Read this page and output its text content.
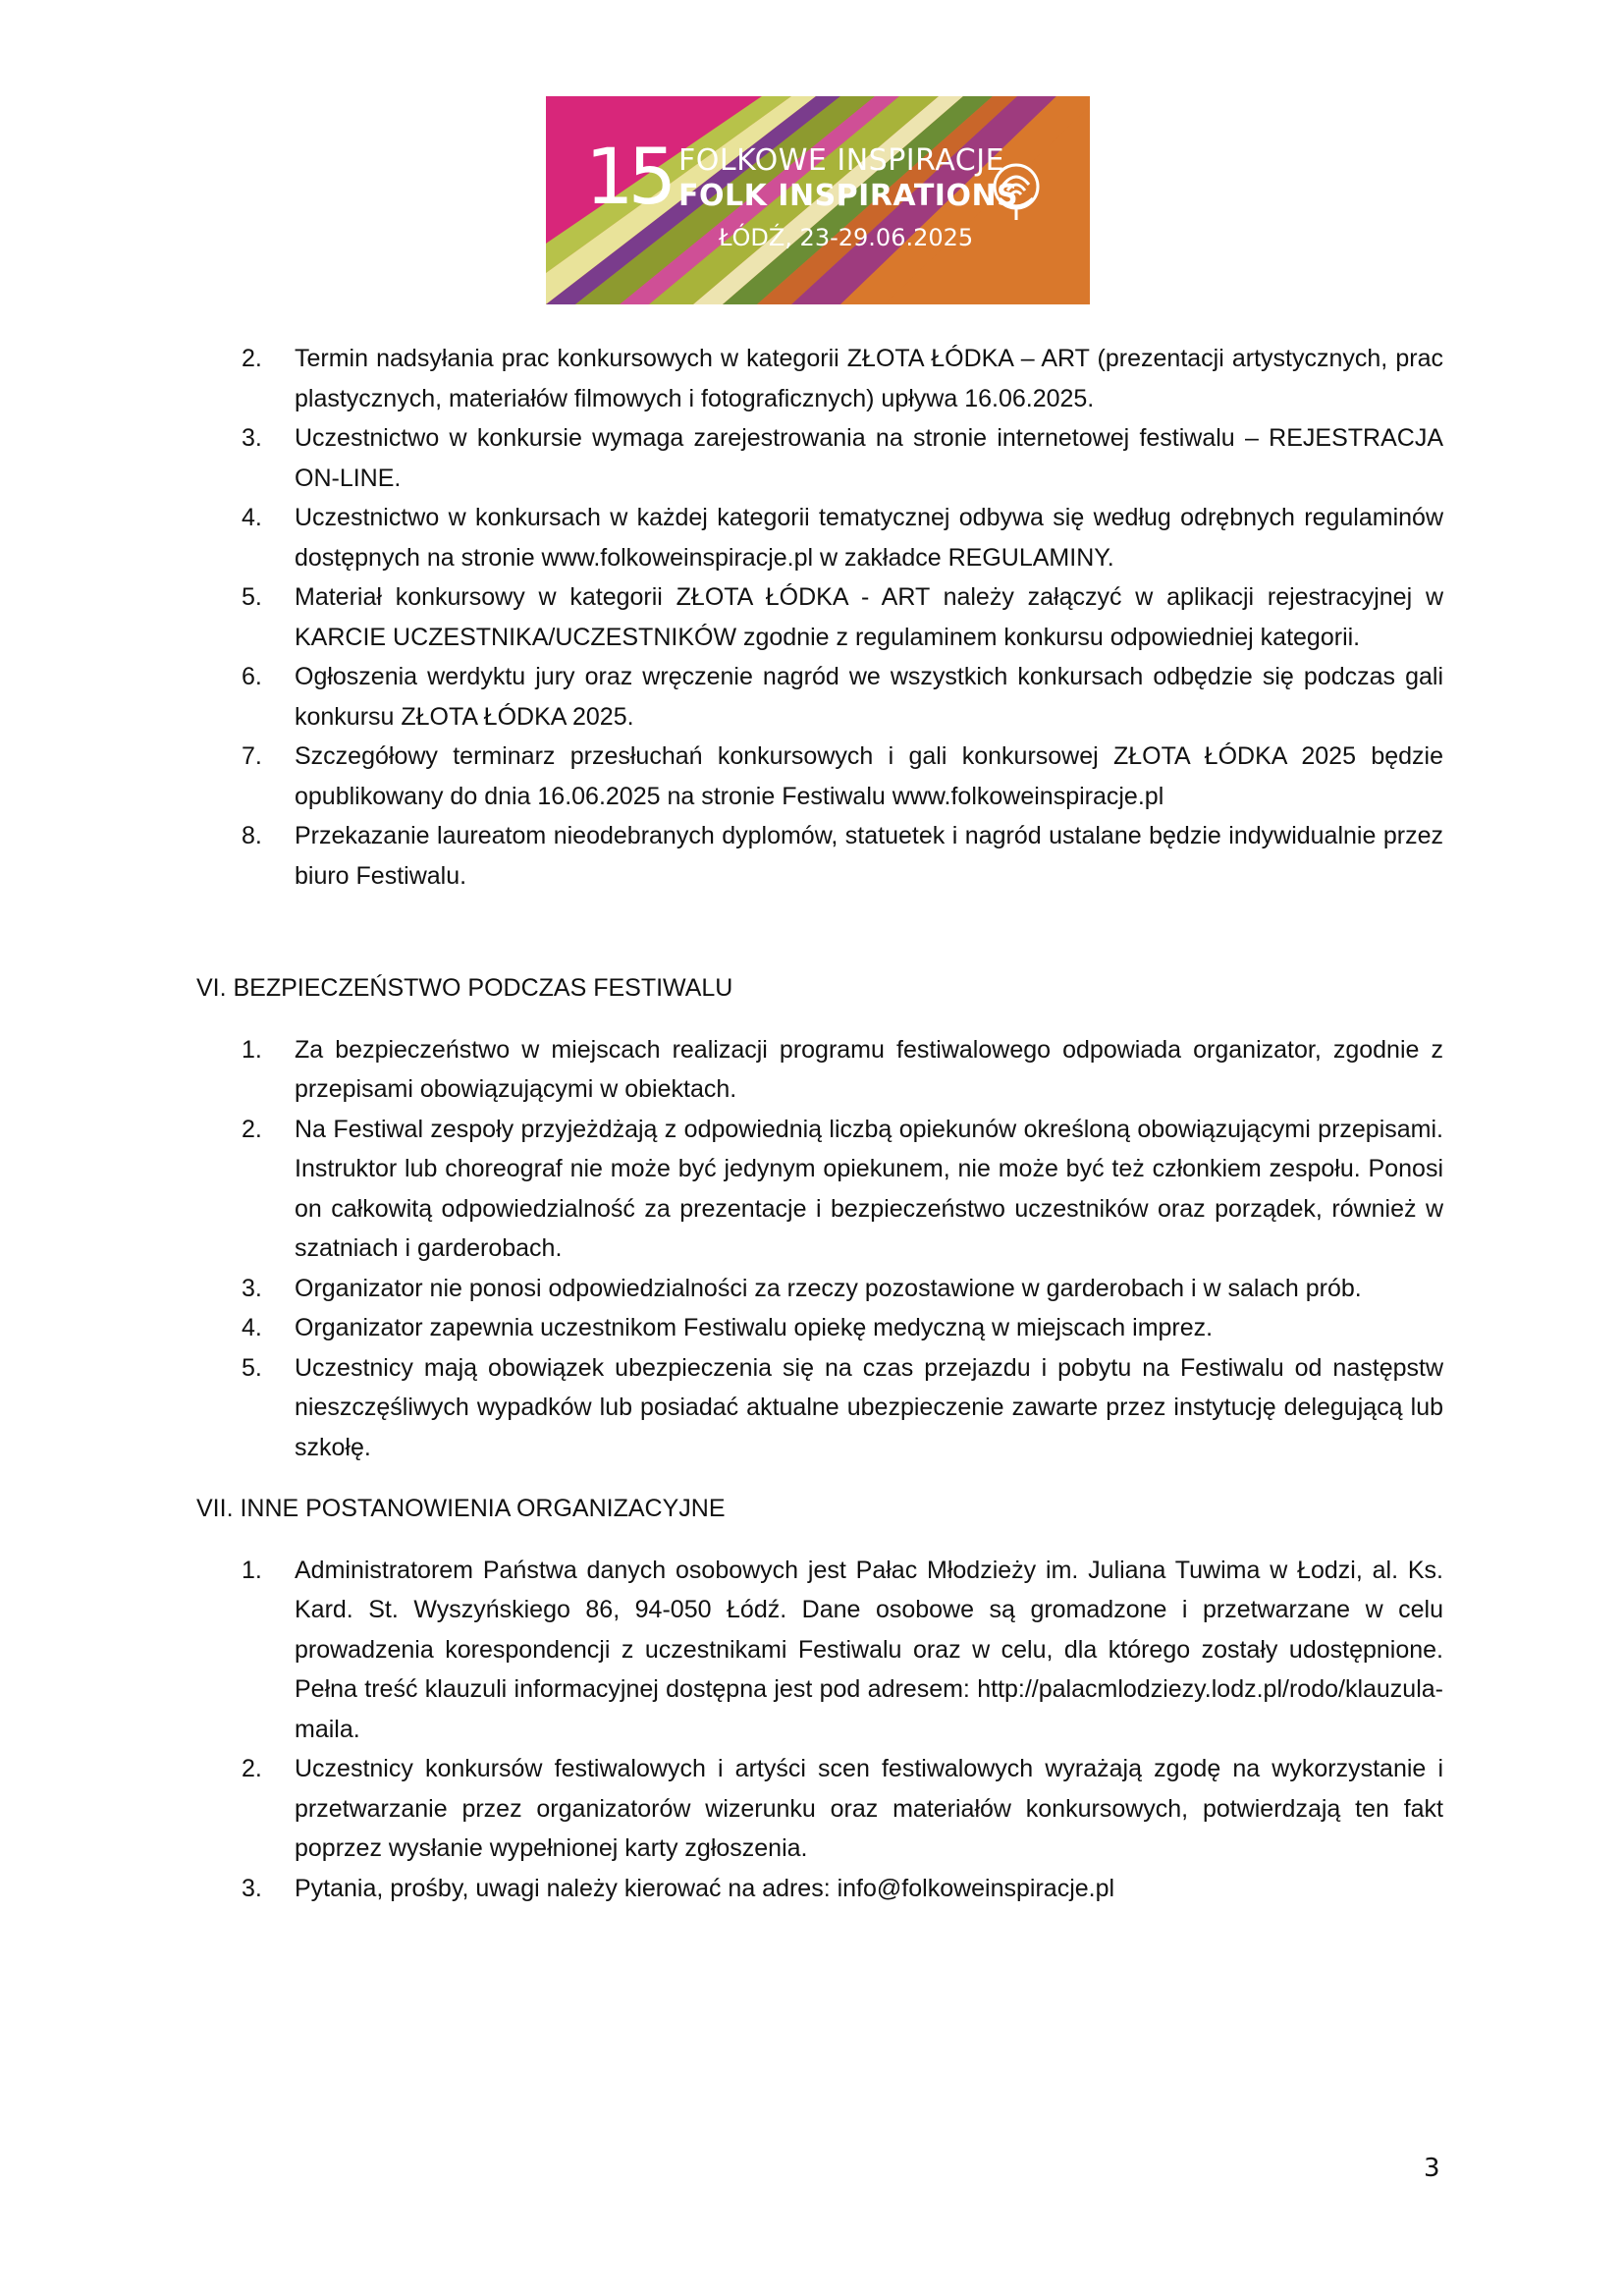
15 FOLKOWE INSPIRACJE
FOLK INSPIRATIONS
ŁÓDŹ, 23-29.06.2025
2. Termin nadsyłania prac konkursowych w kategorii ZŁOTA ŁÓDKA – ART (prezentacji artystycznych, prac plastycznych, materiałów filmowych i fotograficznych) upływa 16.06.2025.
3. Uczestnictwo w konkursie wymaga zarejestrowania na stronie internetowej festiwalu – REJESTRACJA ON-LINE.
4. Uczestnictwo w konkursach w każdej kategorii tematycznej odbywa się według odrębnych regulaminów dostępnych na stronie www.folkoweinspiracje.pl w zakładce REGULAMINY.
5. Materiał konkursowy w kategorii ZŁOTA ŁÓDKA - ART należy załączyć w aplikacji rejestracyjnej w KARCIE UCZESTNIKA/UCZESTNIKÓW zgodnie z regulaminem konkursu odpowiedniej kategorii.
6. Ogłoszenia werdyktu jury oraz wręczenie nagród we wszystkich konkursach odbędzie się podczas gali konkursu ZŁOTA ŁÓDKA 2025.
7. Szczegółowy terminarz przesłuchań konkursowych i gali konkursowej ZŁOTA ŁÓDKA 2025 będzie opublikowany do dnia 16.06.2025 na stronie Festiwalu www.folkoweinspiracje.pl
8. Przekazanie laureatom nieodebranych dyplomów, statuetek i nagród ustalane będzie indywidualnie przez biuro Festiwalu.
VI. BEZPIECZEŃSTWO PODCZAS FESTIWALU
1. Za bezpieczeństwo w miejscach realizacji programu festiwalowego odpowiada organizator, zgodnie z przepisami obowiązującymi w obiektach.
2. Na Festiwal zespoły przyjeżdżają z odpowiednią liczbą opiekunów określoną obowiązującymi przepisami. Instruktor lub choreograf nie może być jedynym opiekunem, nie może być też członkiem zespołu. Ponosi on całkowitą odpowiedzialność za prezentacje i bezpieczeństwo uczestników oraz porządek, również w szatniach i garderobach.
3. Organizator nie ponosi odpowiedzialności za rzeczy pozostawione w garderobach i w salach prób.
4. Organizator zapewnia uczestnikom Festiwalu opiekę medyczną w miejscach imprez.
5. Uczestnicy mają obowiązek ubezpieczenia się na czas przejazdu i pobytu na Festiwalu od następstw nieszczęśliwych wypadków lub posiadać aktualne ubezpieczenie zawarte przez instytucję delegującą lub szkołę.
VII. INNE POSTANOWIENIA ORGANIZACYJNE
1. Administratorem Państwa danych osobowych jest Pałac Młodzieży im. Juliana Tuwima w Łodzi, al. Ks. Kard. St. Wyszyńskiego 86, 94-050 Łódź. Dane osobowe są gromadzone i przetwarzane w celu prowadzenia korespondencji z uczestnikami Festiwalu oraz w celu, dla którego zostały udostępnione. Pełna treść klauzuli informacyjnej dostępna jest pod adresem: http://palacmlodziezy.lodz.pl/rodo/klauzula-maila.
2. Uczestnicy konkursów festiwalowych i artyści scen festiwalowych wyrażają zgodę na wykorzystanie i przetwarzanie przez organizatorów wizerunku oraz materiałów konkursowych, potwierdzają ten fakt poprzez wysłanie wypełnionej karty zgłoszenia.
3. Pytania, prośby, uwagi należy kierować na adres: info@folkoweinspiracje.pl
3
